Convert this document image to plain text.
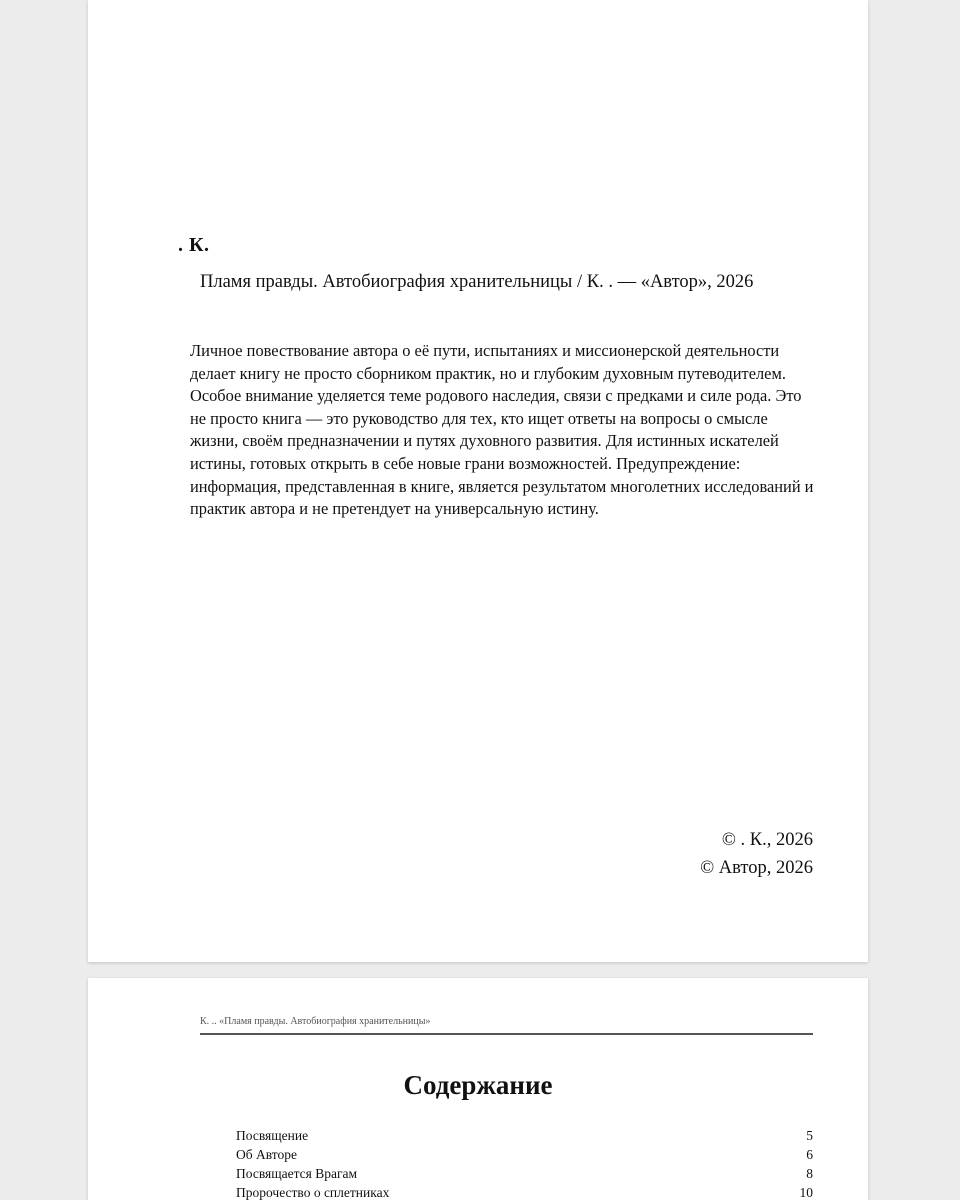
. К.
Пламя правды. Автобиография хранительницы / К. . — «Автор», 2026
Личное повествование автора о её пути, испытаниях и миссионерской деятельности делает книгу не просто сборником практик, но и глубоким духовным путеводителем. Особое внимание уделяется теме родового наследия, связи с предками и силе рода. Это не просто книга — это руководство для тех, кто ищет ответы на вопросы о смысле жизни, своём предназначении и путях духовного развития. Для истинных искателей истины, готовых открыть в себе новые грани возможностей. Предупреждение: информация, представленная в книге, является результатом многолетних исследований и практик автора и не претендует на универсальную истину.
© . К., 2026
© Автор, 2026
К. .. «Пламя правды. Автобиография хранительницы»
Содержание
Посвящение	5
Об Авторе	6
Посвящается Врагам	8
Пророчество о сплетниках	10
